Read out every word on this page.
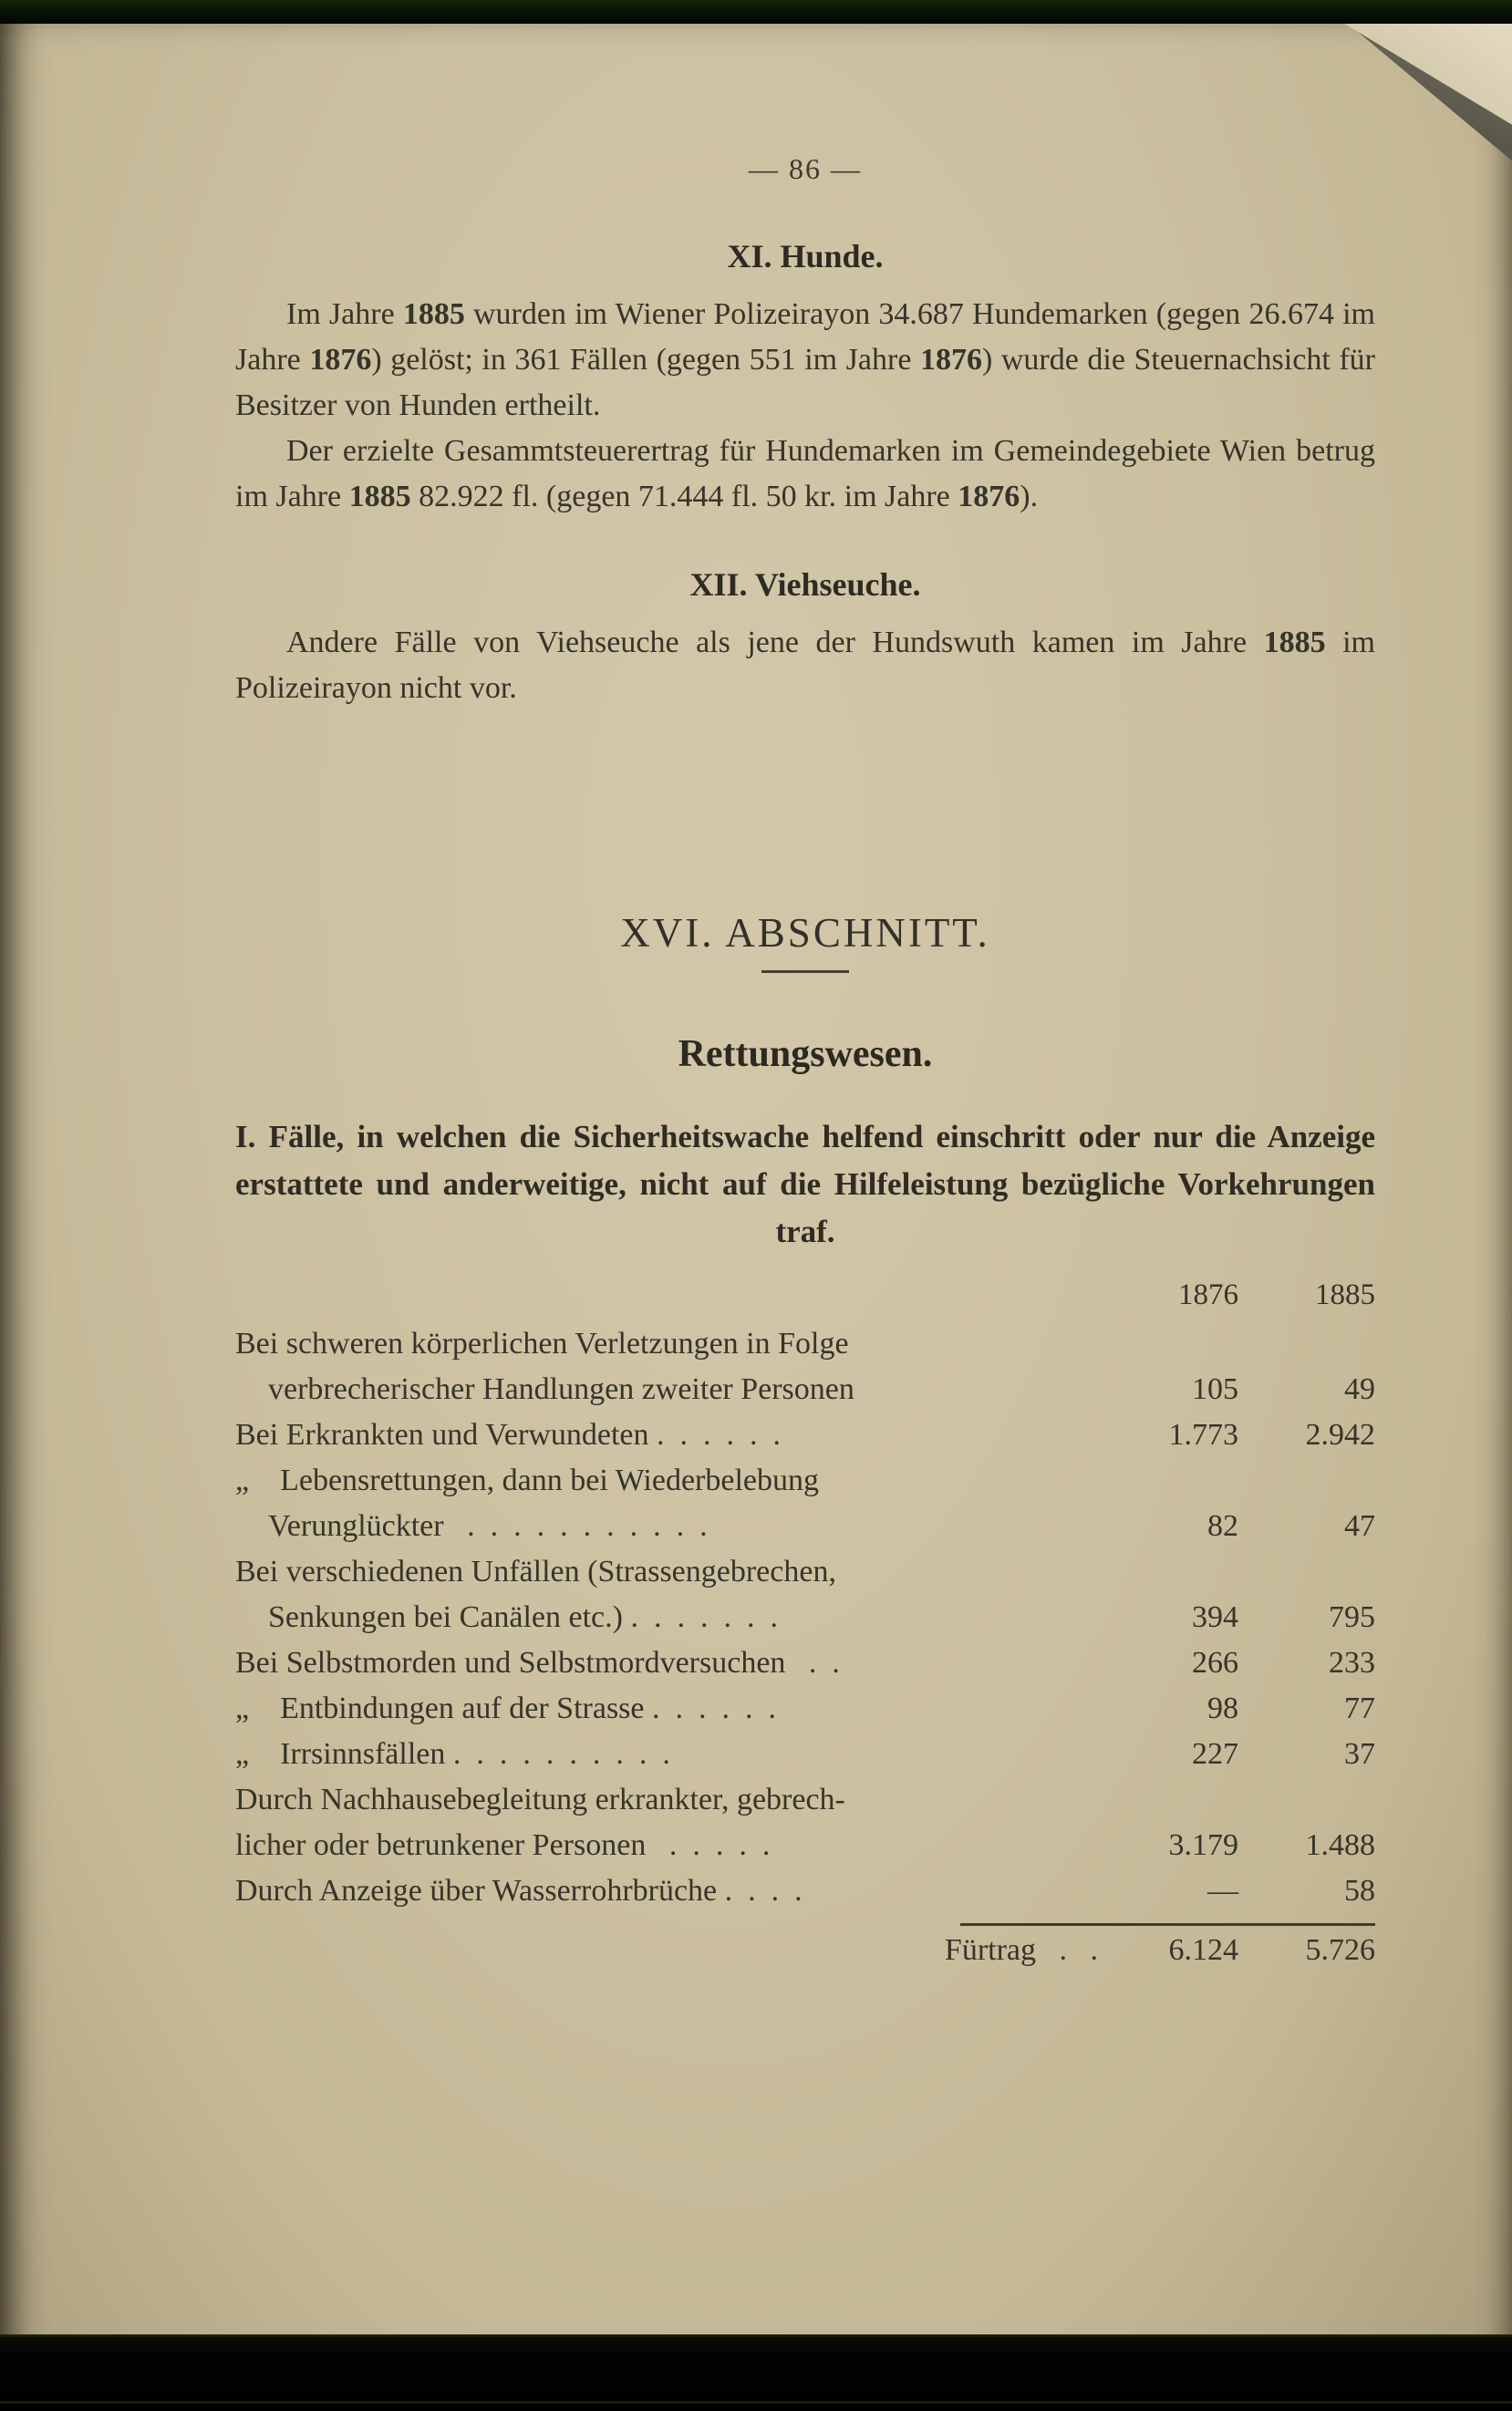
— 86 —
XI. Hunde.

Im Jahre 1885 wurden im Wiener Polizeirayon 34.687 Hundemarken (gegen 26.674 im Jahre 1876) gelöst; in 361 Fällen (gegen 551 im Jahre 1876) wurde die Steuernachsicht für Besitzer von Hunden ertheilt.

Der erzielte Gesammtsteuerertrag für Hundemarken im Gemeindegebiete Wien betrug im Jahre 1885 82.922 fl. (gegen 71.444 fl. 50 kr. im Jahre 1876).

XII. Viehseuche.

Andere Fälle von Viehseuche als jene der Hundswuth kamen im Jahre 1885 im Polizeirayon nicht vor.

XVI. ABSCHNITT.
Rettungswesen.

I. Fälle, in welchen die Sicherheitswache helfend einschritt oder nur die Anzeige erstattete und anderweitige, nicht auf die Hilfeleistung bezügliche Vorkehrungen traf.

1876	1885
Bei schweren körperlichen Verletzungen in Folge
verbrecherischer Handlungen zweiter Personen	105	49
Bei Erkrankten und Verwundeten . . . . . .	1.773	2.942
„ Lebensrettungen, dann bei Wiederbelebung
Verunglückter  . . . . . . . . . . .	82	47
Bei verschiedenen Unfällen (Strassengebrechen,
Senkungen bei Canälen etc.) . . . . . . .	394	795
Bei Selbstmorden und Selbstmordversuchen  . .	266	233
„ Entbindungen auf der Strasse . . . . . .	98	77
„ Irrsinnsfällen . . . . . . . . . .	227	37
Durch Nachhausebegleitung erkrankter, gebrech-
licher oder betrunkener Personen  . . . . .	3.179	1.488
Durch Anzeige über Wasserrohrbrüche . . . .	—	58
Fürtrag  .  .	6.124	5.726
